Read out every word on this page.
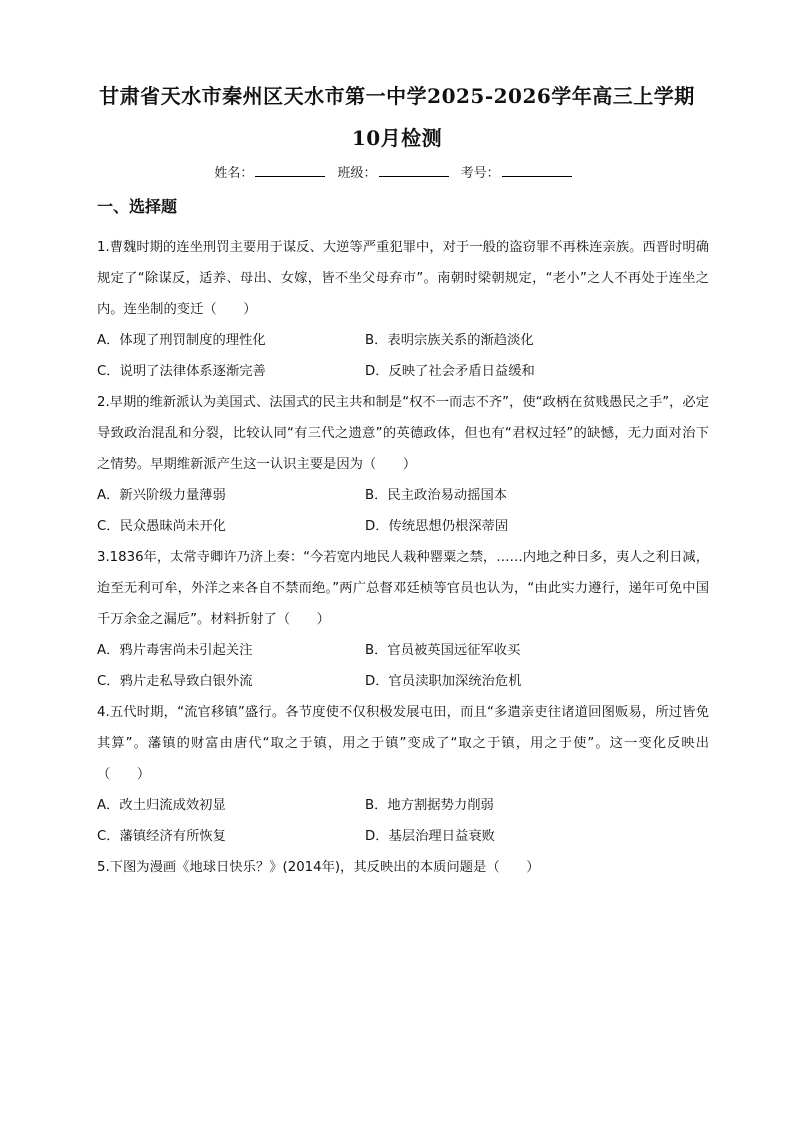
甘肃省天水市秦州区天水市第一中学2025-2026学年高三上学期
10月检测
姓名：	班级：	考号：
一、选择题

1.曹魏时期的连坐刑罚主要用于谋反、大逆等严重犯罪中，对于一般的盗窃罪不再株连亲族。西晋时明确规定了“除谋反，适养、母出、女嫁，皆不坐父母弃市”。南朝时梁朝规定，“老小”之人不再处于连坐之内。连坐制的变迁（　　）

A．体现了刑罚制度的理性化	B．表明宗族关系的渐趋淡化
C．说明了法律体系逐渐完善	D．反映了社会矛盾日益缓和

2.早期的维新派认为美国式、法国式的民主共和制是“权不一而志不齐”，使“政柄在贫贱愚民之手”，必定导致政治混乱和分裂，比较认同“有三代之遗意”的英德政体，但也有“君权过轻”的缺憾，无力面对治下之情势。早期维新派产生这一认识主要是因为（　　）

A．新兴阶级力量薄弱	B．民主政治易动摇国本
C．民众愚昧尚未开化	D．传统思想仍根深蒂固

3.1836年，太常寺卿许乃济上奏：“今若宽内地民人栽种罂粟之禁，……内地之种日多，夷人之利日减，迨至无利可牟，外洋之来各自不禁而绝。”两广总督邓廷桢等官员也认为，“由此实力遵行，递年可免中国千万余金之漏卮”。材料折射了（　　）

A．鸦片毒害尚未引起关注	B．官员被英国远征军收买
C．鸦片走私导致白银外流	D．官员渎职加深统治危机

4.五代时期，“流官移镇”盛行。各节度使不仅积极发展屯田，而且“多遣亲吏往诸道回图贩易，所过皆免其算”。藩镇的财富由唐代“取之于镇，用之于镇”变成了“取之于镇，用之于使”。这一变化反映出（　　）

A．改土归流成效初显	B．地方割据势力削弱
C．藩镇经济有所恢复	D．基层治理日益衰败

5.下图为漫画《地球日快乐？》(2014年)，其反映出的本质问题是（　　）
